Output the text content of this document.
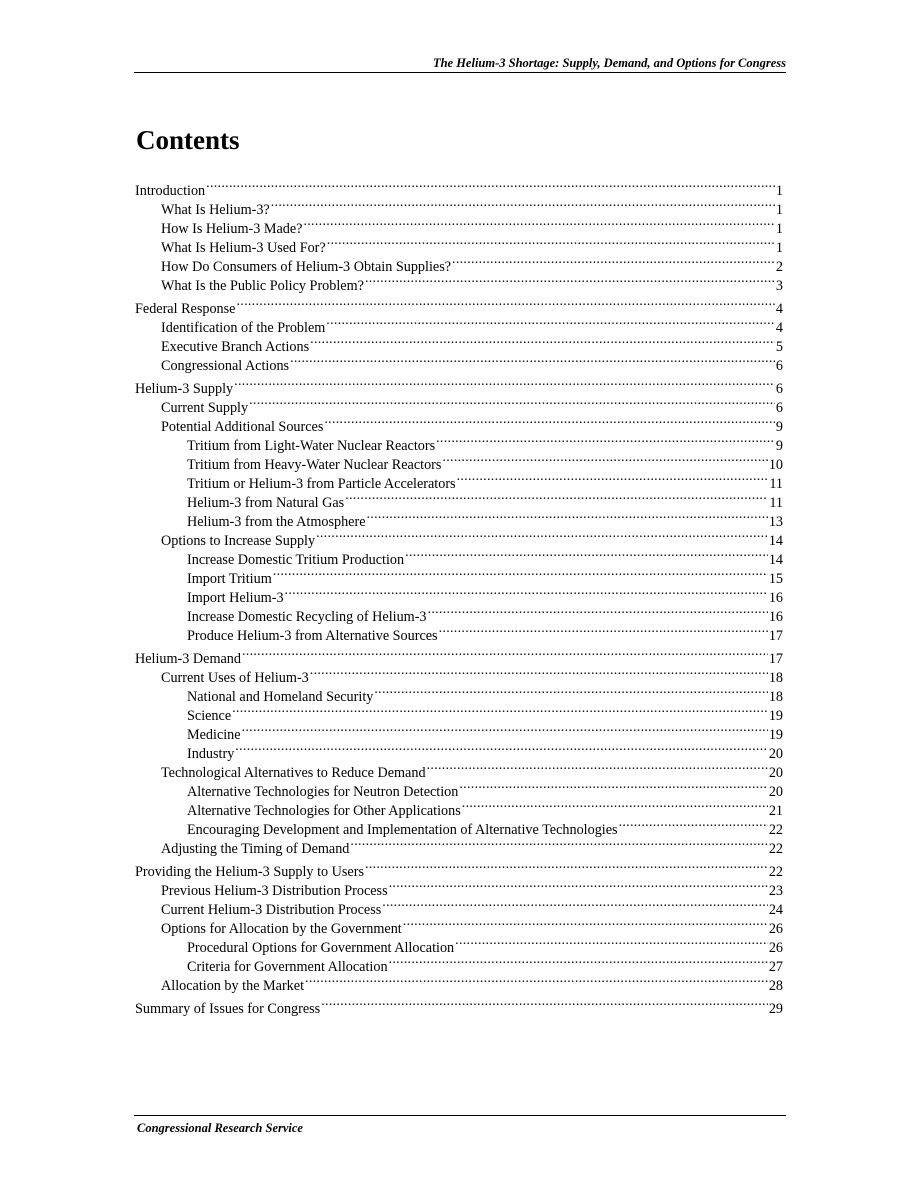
The Helium-3 Shortage: Supply, Demand, and Options for Congress
Contents
Introduction .....	1
What Is Helium-3? .....	1
How Is Helium-3 Made? .....	1
What Is Helium-3 Used For? .....	1
How Do Consumers of Helium-3 Obtain Supplies? .....	2
What Is the Public Policy Problem? .....	3
Federal Response .....	4
Identification of the Problem .....	4
Executive Branch Actions .....	5
Congressional Actions .....	6
Helium-3 Supply .....	6
Current Supply .....	6
Potential Additional Sources .....	9
Tritium from Light-Water Nuclear Reactors .....	9
Tritium from Heavy-Water Nuclear Reactors .....	10
Tritium or Helium-3 from Particle Accelerators .....	11
Helium-3 from Natural Gas .....	11
Helium-3 from the Atmosphere .....	13
Options to Increase Supply .....	14
Increase Domestic Tritium Production .....	14
Import Tritium .....	15
Import Helium-3 .....	16
Increase Domestic Recycling of Helium-3 .....	16
Produce Helium-3 from Alternative Sources .....	17
Helium-3 Demand .....	17
Current Uses of Helium-3 .....	18
National and Homeland Security .....	18
Science .....	19
Medicine .....	19
Industry .....	20
Technological Alternatives to Reduce Demand .....	20
Alternative Technologies for Neutron Detection .....	20
Alternative Technologies for Other Applications .....	21
Encouraging Development and Implementation of Alternative Technologies .....	22
Adjusting the Timing of Demand .....	22
Providing the Helium-3 Supply to Users .....	22
Previous Helium-3 Distribution Process .....	23
Current Helium-3 Distribution Process .....	24
Options for Allocation by the Government .....	26
Procedural Options for Government Allocation .....	26
Criteria for Government Allocation .....	27
Allocation by the Market .....	28
Summary of Issues for Congress .....	29
Congressional Research Service
